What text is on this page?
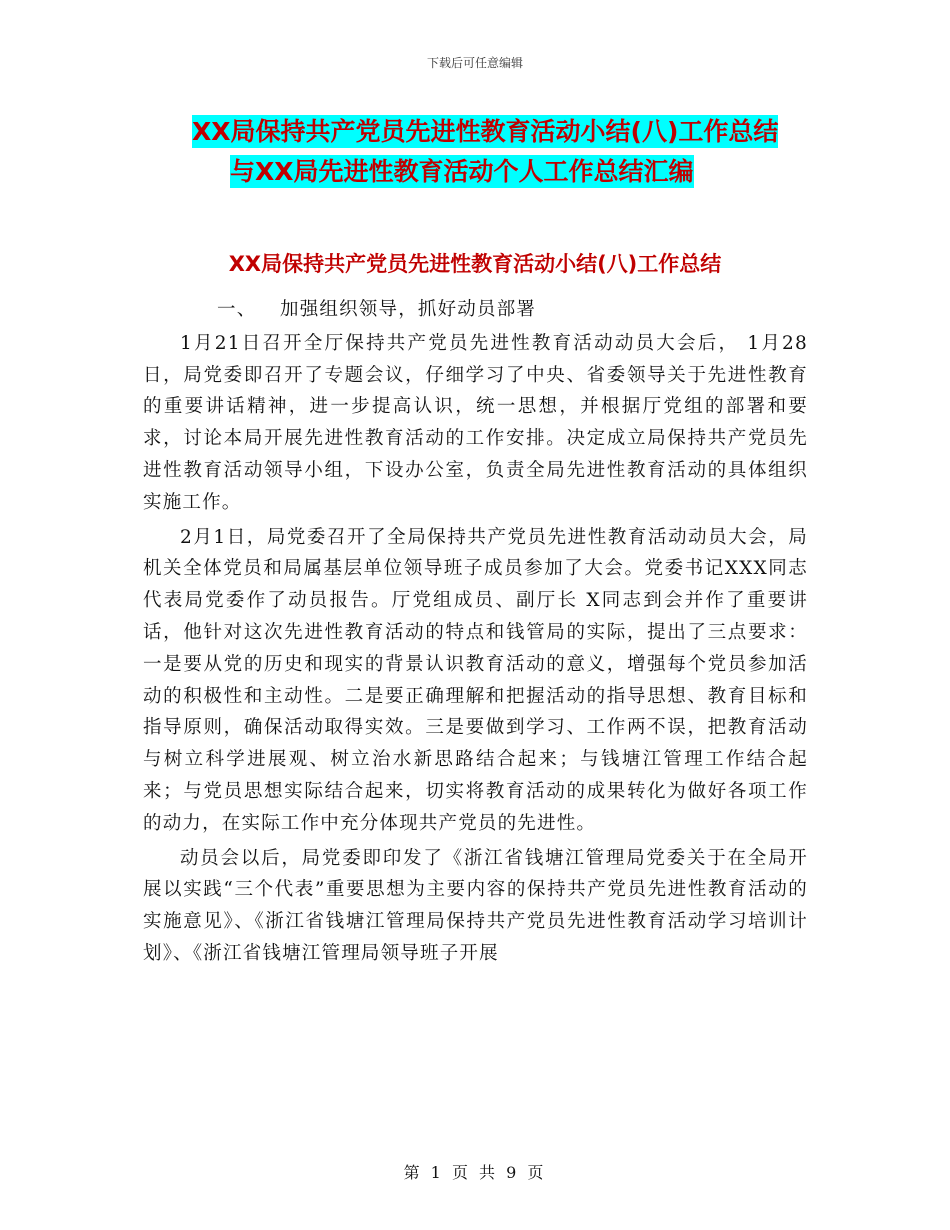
下载后可任意编辑
XX局保持共产党员先进性教育活动小结(八)工作总结
与XX局先进性教育活动个人工作总结汇编
XX局保持共产党员先进性教育活动小结(八)工作总结

一、 加强组织领导，抓好动员部署

1月21日召开全厅保持共产党员先进性教育活动动员大会后， 1月28日，局党委即召开了专题会议，仔细学习了中央、省委领导关于先进性教育的重要讲话精神，进一步提高认识，统一思想，并根据厅党组的部署和要求，讨论本局开展先进性教育活动的工作安排。决定成立局保持共产党员先进性教育活动领导小组，下设办公室，负责全局先进性教育活动的具体组织实施工作。

2月1日，局党委召开了全局保持共产党员先进性教育活动动员大会，局机关全体党员和局属基层单位领导班子成员参加了大会。党委书记XXX同志代表局党委作了动员报告。厅党组成员、副厅长 X同志到会并作了重要讲话，他针对这次先进性教育活动的特点和钱管局的实际，提出了三点要求：一是要从党的历史和现实的背景认识教育活动的意义，增强每个党员参加活动的积极性和主动性。二是要正确理解和把握活动的指导思想、教育目标和指导原则，确保活动取得实效。三是要做到学习、工作两不误，把教育活动与树立科学进展观、树立治水新思路结合起来；与钱塘江管理工作结合起来；与党员思想实际结合起来，切实将教育活动的成果转化为做好各项工作的动力，在实际工作中充分体现共产党员的先进性。

动员会以后，局党委即印发了《浙江省钱塘江管理局党委关于在全局开展以实践“三个代表”重要思想为主要内容的保持共产党员先进性教育活动的实施意见》、《浙江省钱塘江管理局保持共产党员先进性教育活动学习培训计划》、《浙江省钱塘江管理局领导班子开展

第 1 页 共 9 页
